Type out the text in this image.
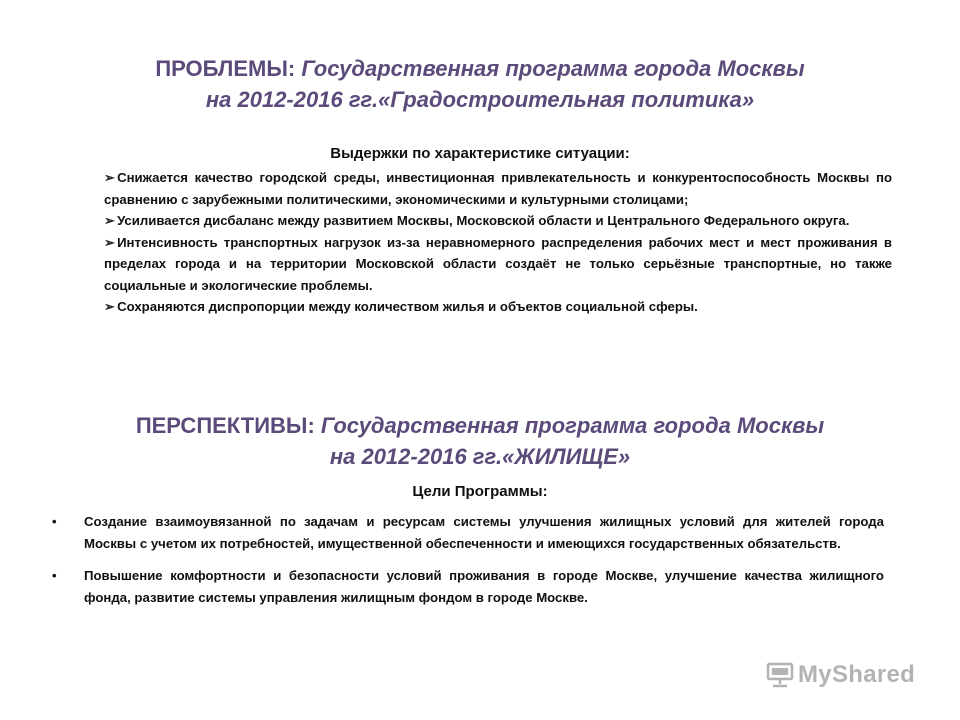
ПРОБЛЕМЫ: Государственная программа города Москвы
на 2012-2016 гг.«Градостроительная политика»
Выдержки по характеристике ситуации:
➢ Снижается качество городской среды, инвестиционная привлекательность и конкурентоспособность Москвы по сравнению с зарубежными политическими, экономическими и культурными столицами;
➢ Усиливается дисбаланс между развитием Москвы, Московской области и Центрального Федерального округа.
➢ Интенсивность транспортных нагрузок из-за неравномерного распределения рабочих мест и мест проживания в пределах города и на территории Московской области создаёт не только серьёзные транспортные, но также социальные и экологические проблемы.
➢ Сохраняются диспропорции между количеством жилья и объектов социальной сферы.
ПЕРСПЕКТИВЫ: Государственная программа города Москвы
на 2012-2016 гг.«ЖИЛИЩЕ»
Цели Программы:
• Создание взаимоувязанной по задачам и ресурсам системы улучшения жилищных условий для жителей города Москвы с учетом их потребностей, имущественной обеспеченности и имеющихся государственных обязательств.
• Повышение комфортности и безопасности условий проживания в городе Москве, улучшение качества жилищного фонда, развитие системы управления жилищным фондом в городе Москве.
MyShared
